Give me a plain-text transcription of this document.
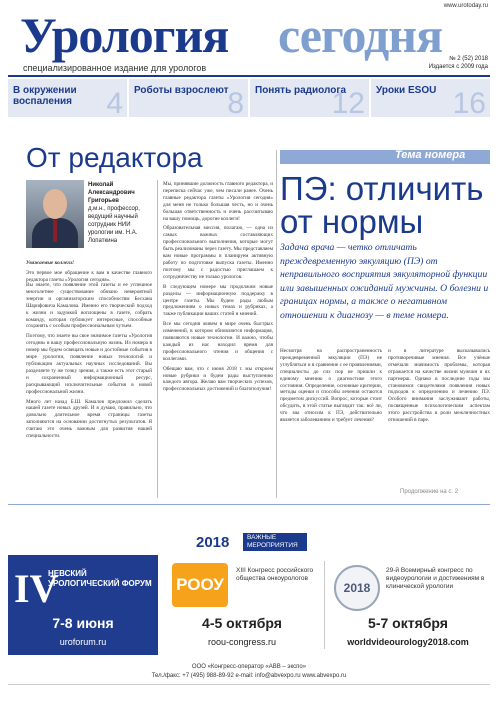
www.urotoday.ru
Урология сегодня
специализированное издание для урологов
№ 2 (52) 2018
Издается с 2009 года
В окружении воспаления	4 Роботы взрослеют
8 Понять радиолога
12 Уроки ESOU 16
От редактора
Николай Александрович Григорьев
д.м.н., профессор, ведущий научный сотрудник НИИ урологии им. Н.А. Лопаткина

Уважаемые коллеги!

Это первое мое обращение к вам в качестве главного редактора газеты «Урология сегодня».

Вы знаете, что появление этой газеты и ее успешное многолетнее существование обязано невероятной энергии и организаторским способностям Бесхана Шарифовича Камалова. Именно его творческий подход к жизни и задумкой воплощены в газете, собрать команду, которая публикует интересные, способные сохранять с особым профессиональным чутьем.

Поэтому, что знаете вы свое значимое газеты «Урология сегодня» в вашу профессиональную жизнь. Из номера в номер мы будем освещать новые и достойные события в мире урологии, появление новых технологий и публикации актуальных научных исследований. Вы разделяете ту же точку зрения, а также есть этот старый и сохраненный информационный ресурс, раскрывающий исключительные события в новой профессиональной жизни.

Много лет назад Б.Ш. Камалов предложил сделать нашей газете новых друзей. И я думаю, правильно, что довольно длительное время страницы газеты заполняются на основании достигнутых результатов. Я считаю это очень важным для развития нашей специальности.

Мы, принявшие должность главного редактора, и переписка сейчас уже, чем писали ранее. Очень главные редактора газеты «Урология сегодня» для меня не только большая честь, но и очень большая ответственность и очень рассчитываю на вашу помощь, дорогие коллеги!

Образовательная миссия, полагаю, — одна из самых важных составляющих профессионального выполнения, которые могут быть реализованы через газету. Мы представляем вам новые программы и планируем активную работу по подготовке выпуска газеты. Именно поэтому мы с радостью приглашаем к сотрудничеству не только урологов.

В следующем номере мы продолжим новые разделы — информационную поддержку в центре газеты. Мы будем рады любым предложениям о новых темах и рубриках, а также публикации ваших статей и мнений.

Все мы сегодня живем в мире очень быстрых изменений, в котором обновляется информация, появляются новые технологии. И важно, чтобы каждый из нас находил время для профессионального чтения и общения с коллегами.

Обещаю вам, что с июня 2018 г. мы откроем новые рубрики и будем рады выступлению каждого автора. Желаю вам творческих успехов, профессиональных достижений и благополучия!

Тема номера
ПЭ: отличить от нормы
Задача врача — четко отличать преждевременную эякуляцию (ПЭ) от неправильного восприятия эякуляторной функции или завышенных ожиданий мужчины. О болезни и границах нормы, а также о негативном отношении к диагнозу — в теме номера.

Несмотря на распространенность преждевременной эякуляции (ПЭ) не углубляться и в сравнение с ее проявлениями, специалисты до сих пор не пришли к единому мнению о диагностике этого состояния. Определение, основные критерии, методы оценки и способы лечения остаются предметом дискуссий. Вопрос, которые стоит обсудить, в этой статье выглядит так: всё ли, что мы относим к ПЭ, действительно является заболеванием и требует лечения?

и в литературе высказывались противоречивые мнения. Все учёные отмечали значимость проблемы, которая отражается на качестве жизни мужчин и их партнерш. Однако в последние годы мы становимся свидетелями появления новых подходов к определению и лечению ПЭ. Особого внимания заслуживают работы, посвященные психологическим аспектам этого расстройства и роли межличностных отношений в паре.

Продолжение на с. 2
2018	ВАЖНЫЕ МЕРОПРИЯТИЯ
IV
НЕВСКИЙ УРОЛОГИЧЕСКИЙ ФОРУМ
7-8 июня
uroforum.ru
РООУ
XIII Конгресс российского общества онкоурологов
4-5 октября
roou-congress.ru
2018
29-й Всемирный конгресс по видеоурологии и достижениям в клинической урологии
5-7 октября
worldvideourology2018.com
ООО «Конгресс-оператор «АВВ – экспо»
Тел./факс: +7 (495) 988-89-92 e-mail: info@abvexpo.ru www.abvexpo.ru
